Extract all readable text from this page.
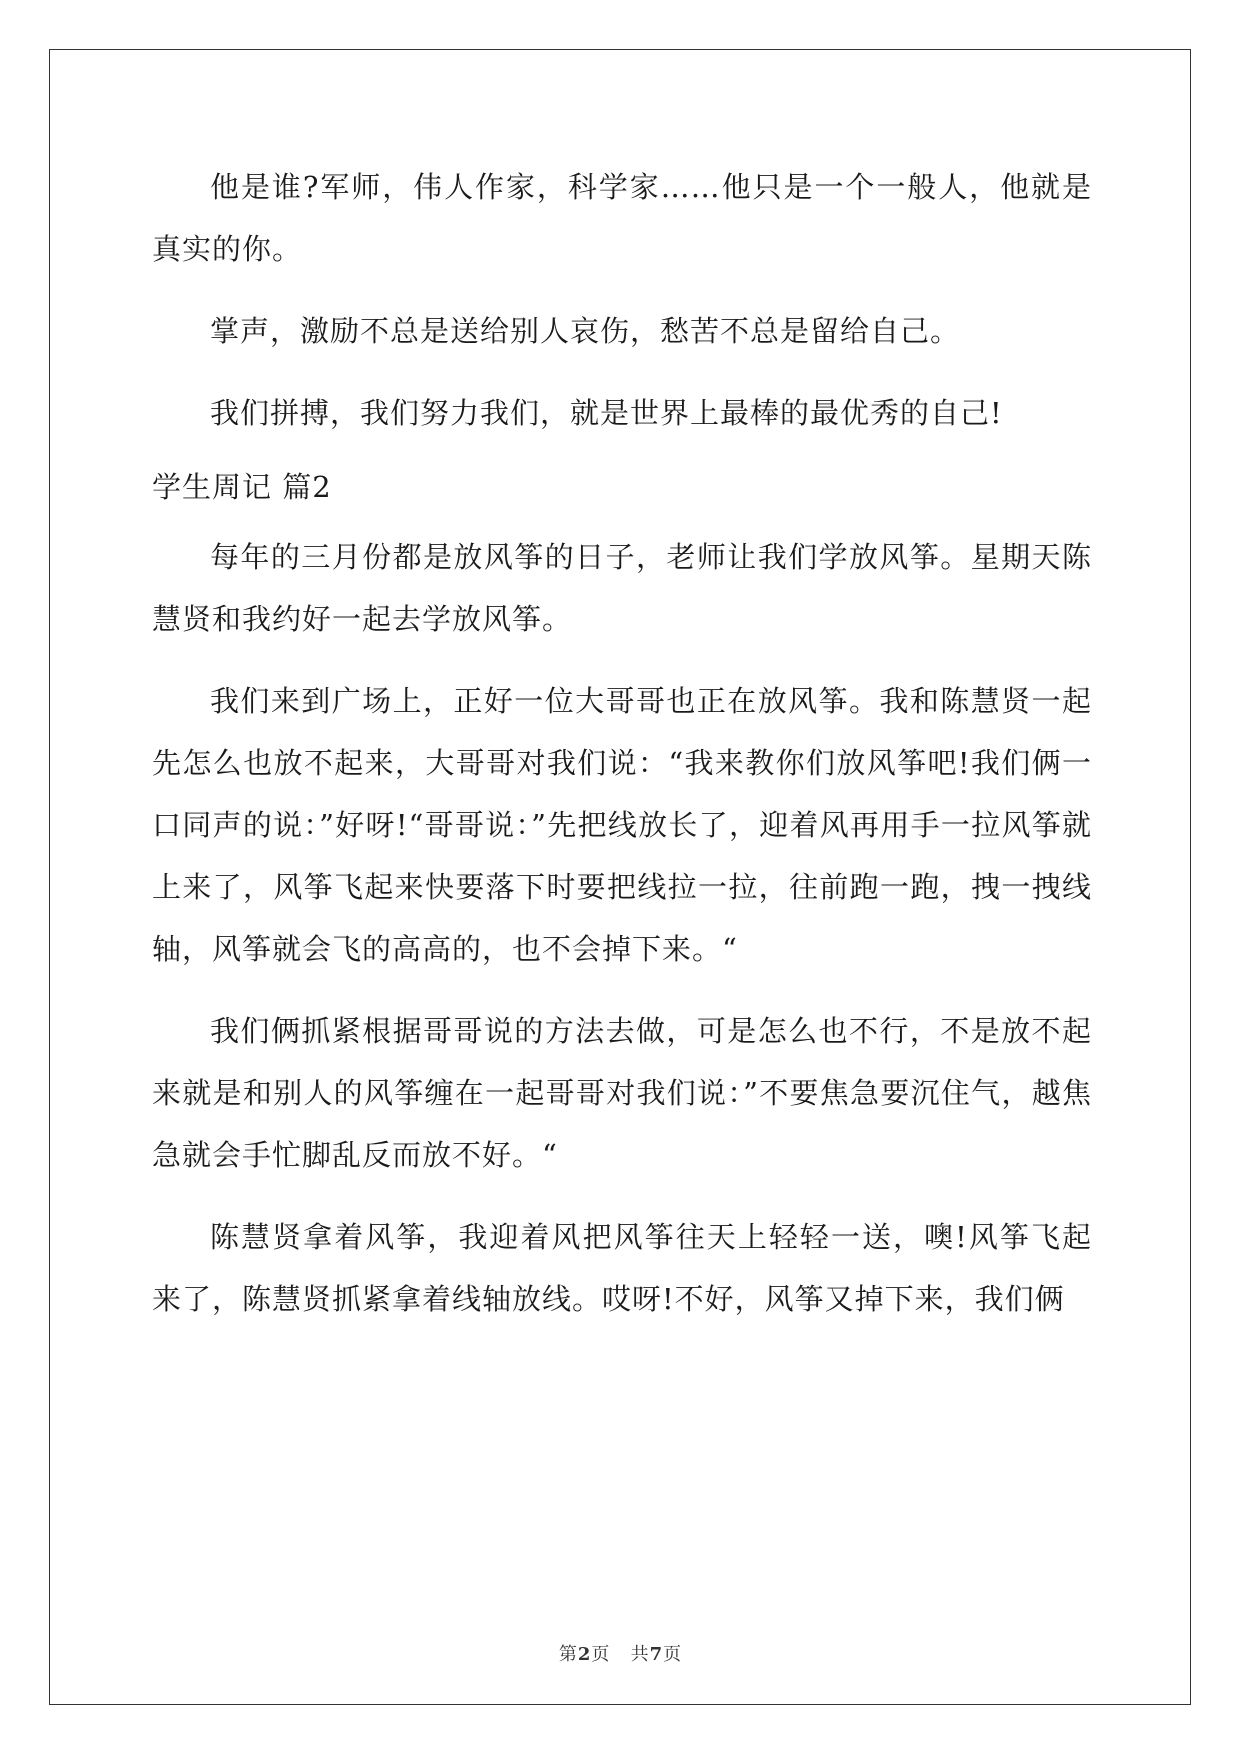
他是谁?军师，伟人作家，科学家……他只是一个一般人，他就是真实的你。

掌声，激励不总是送给别人哀伤，愁苦不总是留给自己。

我们拼搏，我们努力我们，就是世界上最棒的最优秀的自己!

学生周记 篇2

每年的三月份都是放风筝的日子，老师让我们学放风筝。星期天陈慧贤和我约好一起去学放风筝。

我们来到广场上，正好一位大哥哥也正在放风筝。我和陈慧贤一起先怎么也放不起来，大哥哥对我们说：“我来教你们放风筝吧!我们俩一口同声的说：”好呀!“哥哥说：”先把线放长了，迎着风再用手一拉风筝就上来了，风筝飞起来快要落下时要把线拉一拉，往前跑一跑，拽一拽线轴，风筝就会飞的高高的，也不会掉下来。“

我们俩抓紧根据哥哥说的方法去做，可是怎么也不行，不是放不起来就是和别人的风筝缠在一起哥哥对我们说：”不要焦急要沉住气，越焦急就会手忙脚乱反而放不好。“

陈慧贤拿着风筝，我迎着风把风筝往天上轻轻一送，噢!风筝飞起来了，陈慧贤抓紧拿着线轴放线。哎呀!不好，风筝又掉下来，我们俩

第2页 共7页
